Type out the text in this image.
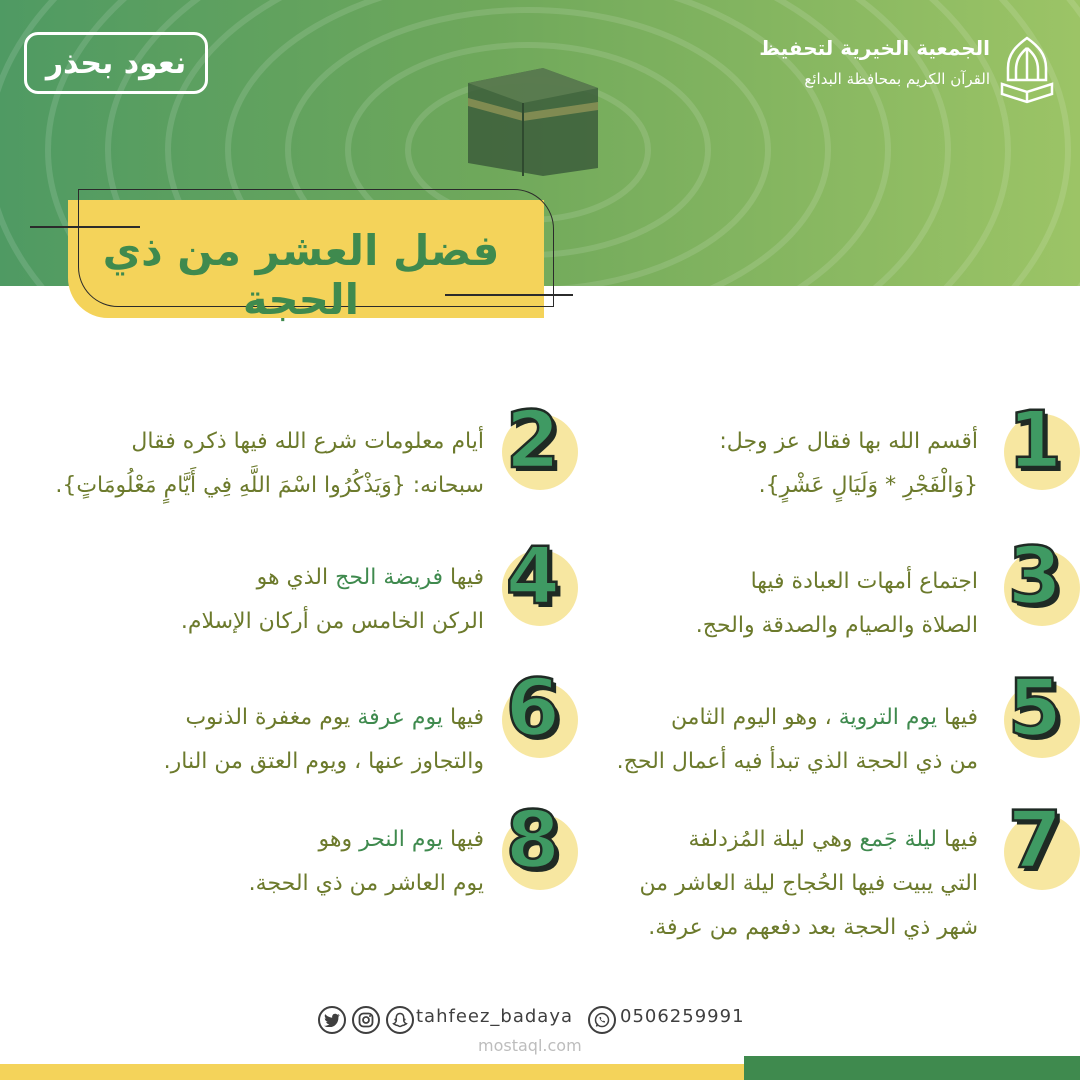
الجمعية الخيرية لتحفيظ
القرآن الكريم بمحافظة البدائع
نعود بحذر
فضل العشر من ذي الحجة
1
أقسم الله بها فقال عز وجل:
{وَالْفَجْرِ * وَلَيَالٍ عَشْرٍ}.
2
أيام معلومات شرع الله فيها ذكره فقال
سبحانه: {وَيَذْكُرُوا اسْمَ اللَّهِ فِي أَيَّامٍ مَعْلُومَاتٍ}.
3
اجتماع أمهات العبادة فيها
الصلاة والصيام والصدقة والحج.
4
فيها فريضة الحج الذي هو
الركن الخامس من أركان الإسلام.
5
فيها يوم التروية ، وهو اليوم الثامن
من ذي الحجة الذي تبدأ فيه أعمال الحج.
6
فيها يوم عرفة يوم مغفرة الذنوب
والتجاوز عنها ، ويوم العتق من النار.
7
فيها ليلة جَمع وهي ليلة المُزدلفة
التي يبيت فيها الحُجاج ليلة العاشر من
شهر ذي الحجة بعد دفعهم من عرفة.
8
فيها يوم النحر وهو
يوم العاشر من ذي الحجة.
tahfeez_badaya	0506259991
mostaql.com
